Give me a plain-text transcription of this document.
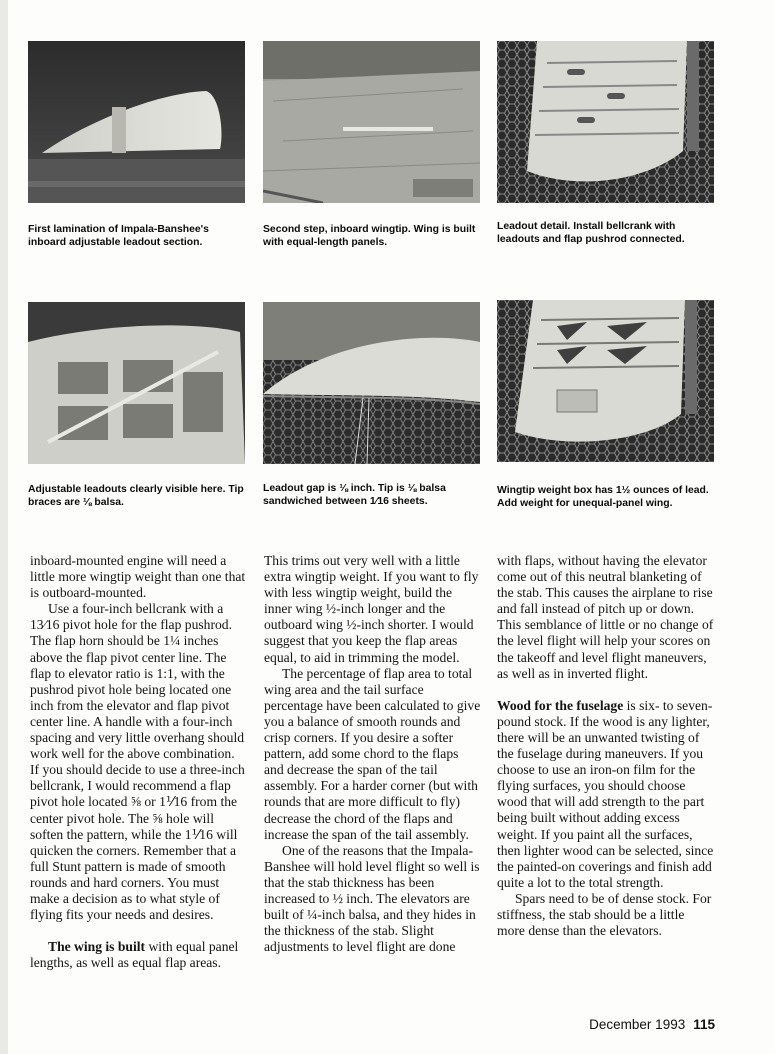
First lamination of Impala-Banshee's inboard adjustable leadout section.
Second step, inboard wingtip. Wing is built with equal-length panels.
Leadout detail. Install bellcrank with leadouts and flap pushrod connected.
Adjustable leadouts clearly visible here. Tip braces are ⅛ balsa.
Leadout gap is ⅛ inch. Tip is ⅛ balsa sandwiched between 1⁄16 sheets.
Wingtip weight box has 1½ ounces of lead. Add weight for unequal-panel wing.

inboard-mounted engine will need a little more wingtip weight than one that is outboard-mounted.

Use a four-inch bellcrank with a 13⁄16 pivot hole for the flap pushrod. The flap horn should be 1¼ inches above the flap pivot center line. The flap to elevator ratio is 1:1, with the pushrod pivot hole being located one inch from the elevator and flap pivot center line. A handle with a four-inch spacing and very little overhang should work well for the above combination. If you should decide to use a three-inch bellcrank, I would recommend a flap pivot hole located ⅝ or 1⅟16 from the center pivot hole. The ⅝ hole will soften the pattern, while the 1⅟16 will quicken the corners. Remember that a full Stunt pattern is made of smooth rounds and hard corners. You must make a decision as to what style of flying fits your needs and desires.

The wing is built with equal panel lengths, as well as equal flap areas.

This trims out very well with a little extra wingtip weight. If you want to fly with less wingtip weight, build the inner wing ½-inch longer and the outboard wing ½-inch shorter. I would suggest that you keep the flap areas equal, to aid in trimming the model.

The percentage of flap area to total wing area and the tail surface percentage have been calculated to give you a balance of smooth rounds and crisp corners. If you desire a softer pattern, add some chord to the flaps and decrease the span of the tail assembly. For a harder corner (but with rounds that are more difficult to fly) decrease the chord of the flaps and increase the span of the tail assembly.

One of the reasons that the Impala-Banshee will hold level flight so well is that the stab thickness has been increased to ½ inch. The elevators are built of ¼-inch balsa, and they hides in the thickness of the stab. Slight adjustments to level flight are done

with flaps, without having the elevator come out of this neutral blanketing of the stab. This causes the airplane to rise and fall instead of pitch up or down. This semblance of little or no change of the level flight will help your scores on the takeoff and level flight maneuvers, as well as in inverted flight.

Wood for the fuselage is six- to seven-pound stock. If the wood is any lighter, there will be an unwanted twisting of the fuselage during maneuvers. If you choose to use an iron-on film for the flying surfaces, you should choose wood that will add strength to the part being built without adding excess weight. If you paint all the surfaces, then lighter wood can be selected, since the painted-on coverings and finish add quite a lot to the total strength.

Spars need to be of dense stock. For stiffness, the stab should be a little more dense than the elevators.

December 1993 115
